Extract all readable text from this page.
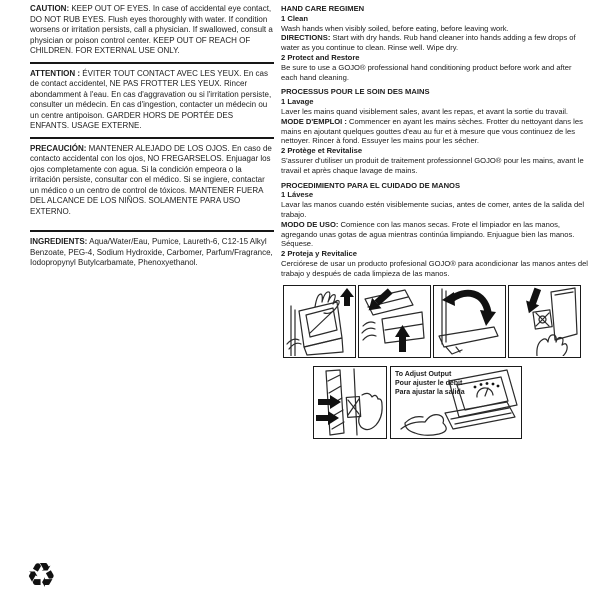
CAUTION: KEEP OUT OF EYES. In case of accidental eye contact, DO NOT RUB EYES. Flush eyes thoroughly with water. If condition worsens or irritation persists, call a physician. If swallowed, consult a physician or poison control center. KEEP OUT OF REACH OF CHILDREN. FOR EXTERNAL USE ONLY.

ATTENTION : ÉVITER TOUT CONTACT AVEC LES YEUX. En cas de contact accidentel, NE PAS FROTTER LES YEUX. Rincer abondamment à l'eau. En cas d'aggravation ou si l'irritation persiste, consulter un médecin. En cas d'ingestion, contacter un médecin ou un centre antipoison. GARDER HORS DE PORTÉE DES ENFANTS. USAGE EXTERNE.

PRECAUCIÓN: MANTENER ALEJADO DE LOS OJOS. En caso de contacto accidental con los ojos, NO FREGARSELOS. Enjuagar los ojos completamente con agua. Si la condición empeora o la irritación persiste, consultar con el médico. Si se ingiere, contactar un médico o un centro de control de tóxicos. MANTENER FUERA DEL ALCANCE DE LOS NIÑOS. SOLAMENTE PARA USO EXTERNO.

INGREDIENTS: Aqua/Water/Eau, Pumice, Laureth-6, C12-15 Alkyl Benzoate, PEG-4, Sodium Hydroxide, Carbomer, Parfum/Fragrance, Iodopropynyl Butylcarbamate, Phenoxyethanol.

HAND CARE REGIMEN
1 Clean

Wash hands when visibly soiled, before eating, before leaving work.

DIRECTIONS: Start with dry hands. Rub hand cleaner into hands adding a few drops of water as you continue to clean. Rinse well. Wipe dry.

2 Protect and Restore

Be sure to use a GOJO® professional hand conditioning product before work and after each hand cleaning.

PROCESSUS POUR LE SOIN DES MAINS
1 Lavage

Laver les mains quand visiblement sales, avant les repas, et avant la sortie du travail.

MODE D'EMPLOI : Commencer en ayant les mains sèches. Frotter du nettoyant dans les mains en ajoutant quelques gouttes d'eau au fur et à mesure que vous continuez de les nettoyer. Rincer à fond. Essuyer les mains pour les sécher.

2 Protège et Revitalise

S'assurer d'utiliser un produit de traitement professionnel GOJO® pour les mains, avant le travail et après chaque lavage de mains.

PROCEDIMIENTO PARA EL CUIDADO DE MANOS
1 Lávese

Lavar las manos cuando estén visiblemente sucias, antes de comer, antes de la salida del trabajo.

MODO DE USO: Comience con las manos secas. Frote el limpiador en las manos, agregando unas gotas de agua mientras continúa limpiando. Enjuague bien las manos. Séquese.

2 Proteja y Revitalice

Cerciórese de usar un producto profesional GOJO® para acondicionar las manos antes del trabajo y después de cada limpieza de las manos.

To Adjust Output
Pour ajuster le debit
Para ajustar la salida
♻
